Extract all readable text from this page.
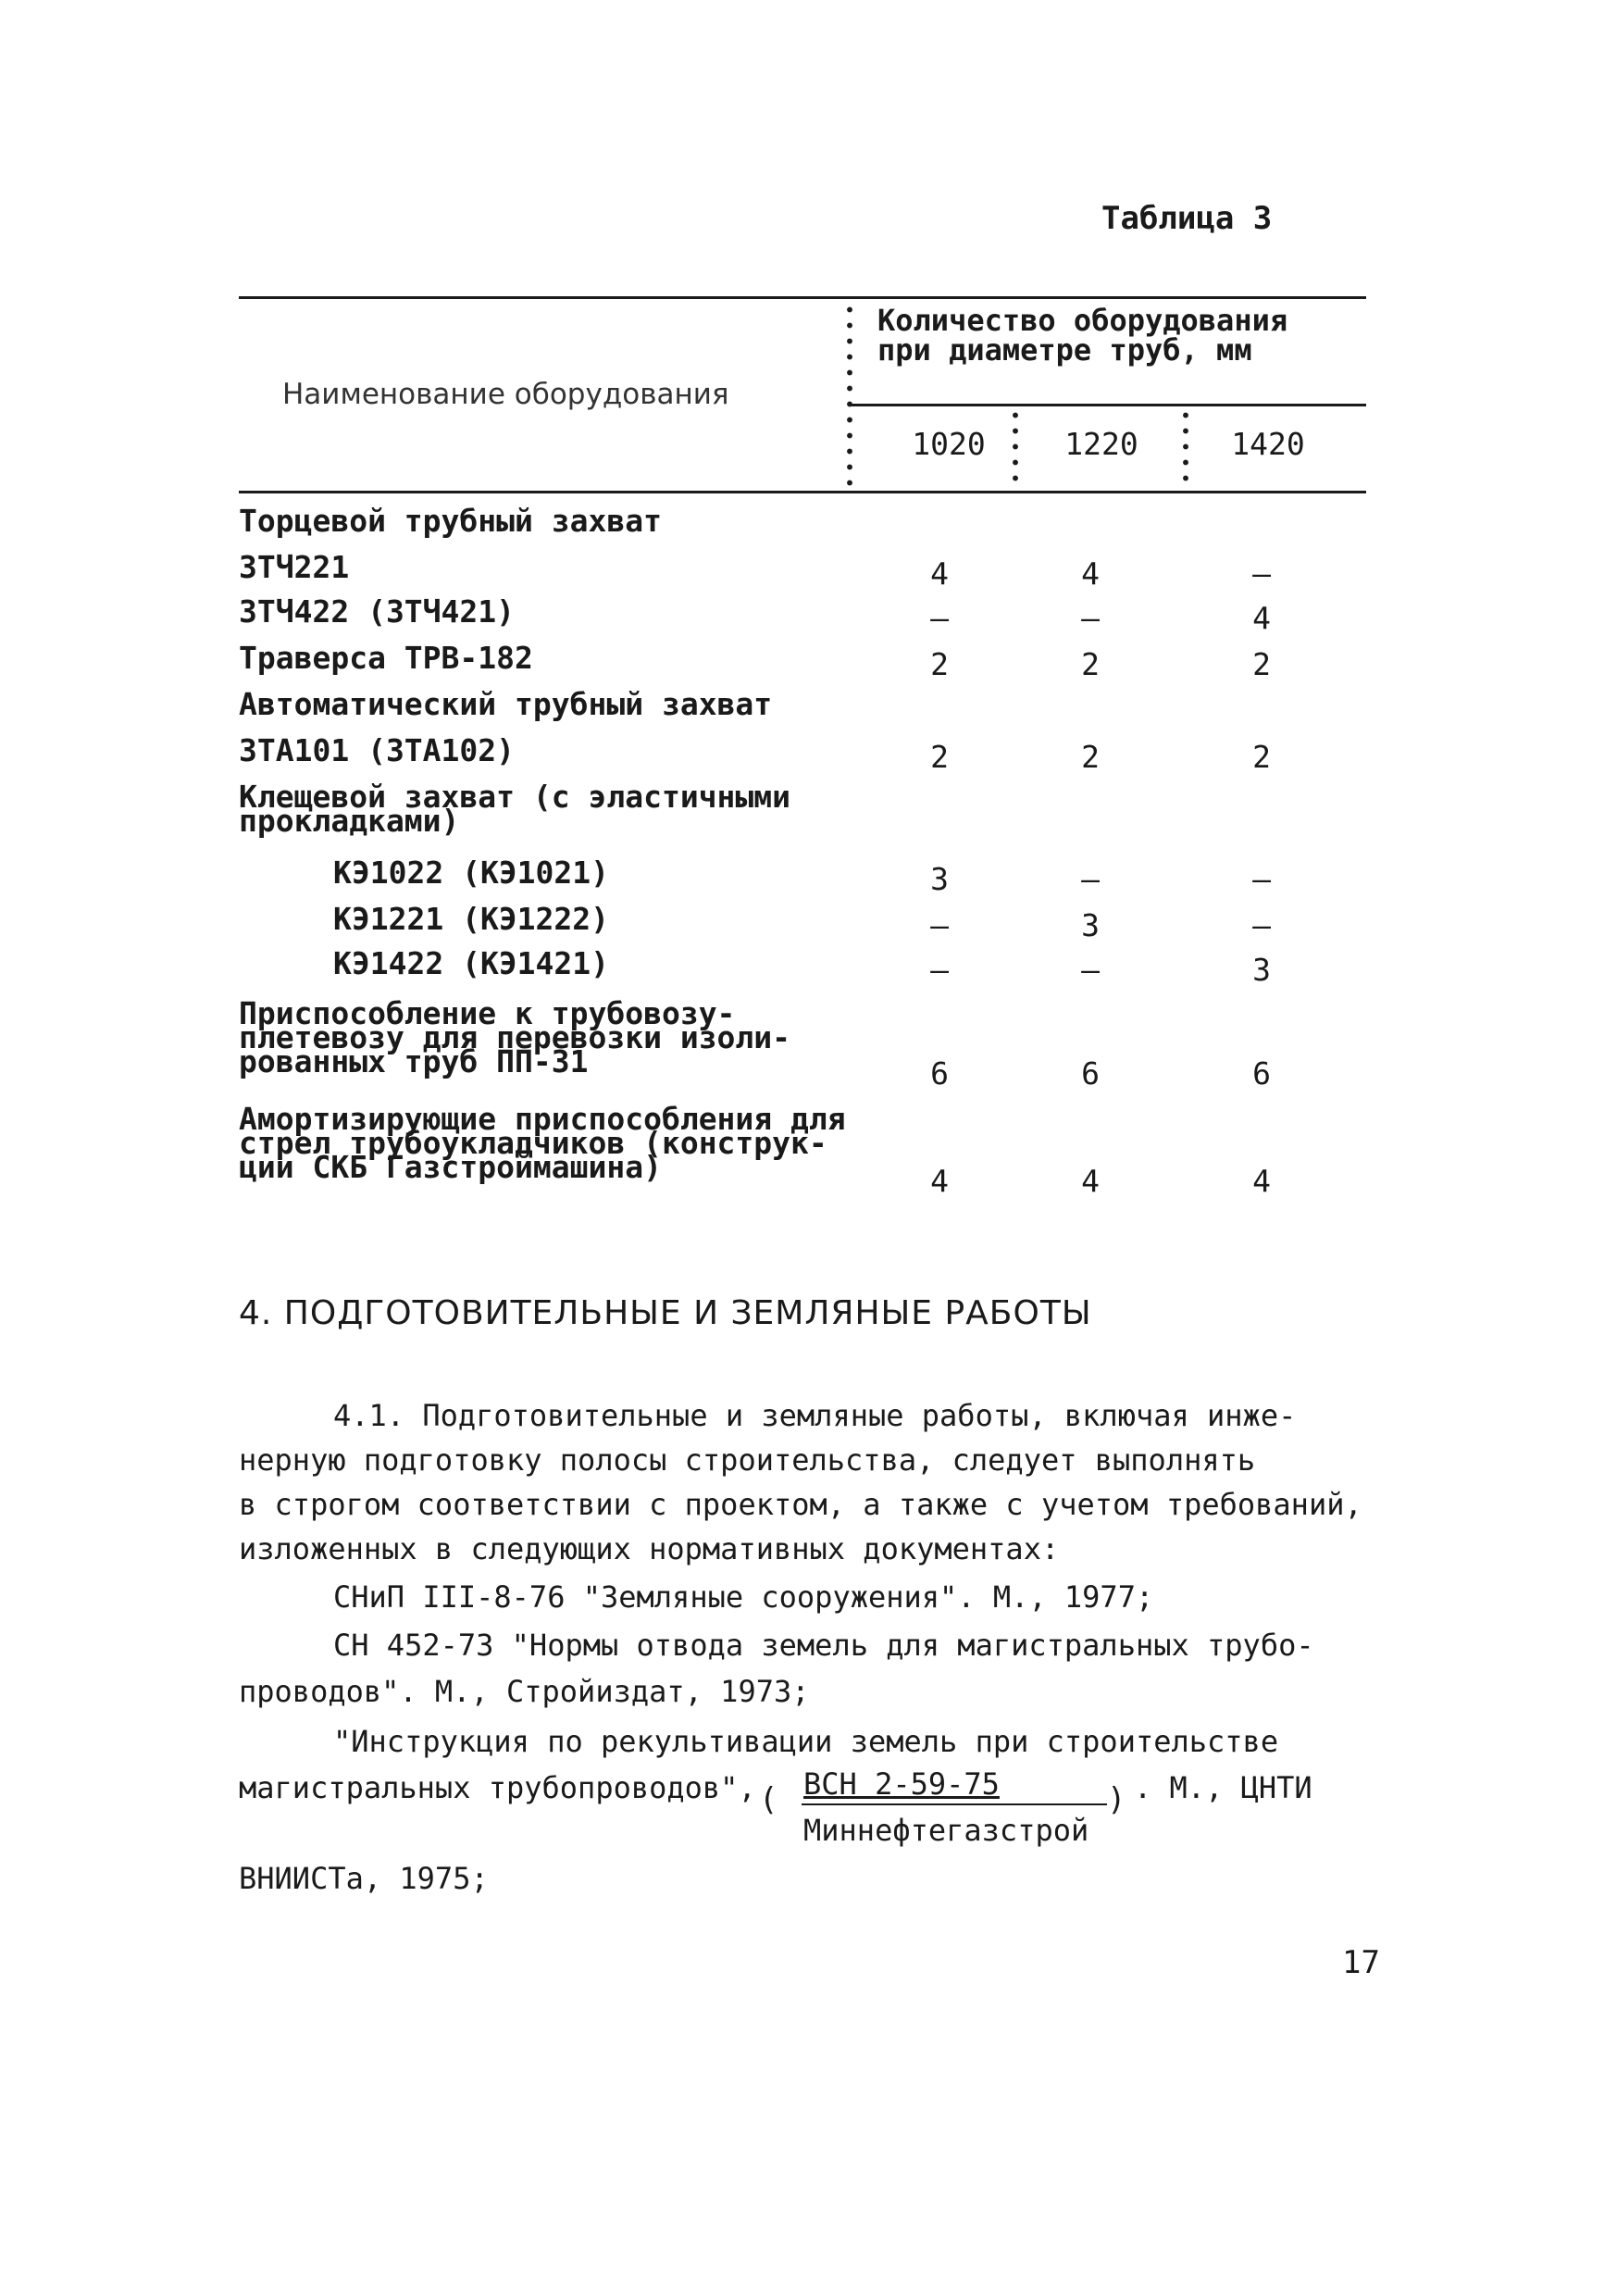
Таблица 3
Наименование оборудования
Количество оборудования
при диаметре труб, мм
1020	1220	1420
Торцевой трубный захват
3ТЧ221	4	4	–
3ТЧ422 (3ТЧ421)	–	–	4
Траверса ТРВ-182	2	2	2
Автоматический трубный захват
3ТА101 (3ТА102)	2	2	2
Клещевой захват (с эластичными
прокладками)
КЭ1022 (КЭ1021)	3	–	–
КЭ1221 (КЭ1222)	–	3	–
КЭ1422 (КЭ1421)	–	–	3
Приспособление к трубовозу-
плетевозу для перевозки изоли-
рованных труб ПП-31	6	6	6
Амортизирующие приспособления для
стрел трубоукладчиков (конструк-
ции СКБ Газстроймашина)	4	4	4
4. ПОДГОТОВИТЕЛЬНЫЕ И ЗЕМЛЯНЫЕ РАБОТЫ
4.1. Подготовительные и земляные работы, включая инже-
нерную подготовку полосы строительства, следует выполнять
в строгом соответствии с проектом, а также с учетом требований,
изложенных в следующих нормативных документах:
СНиП III-8-76 "Земляные сооружения". М., 1977;
СН 452-73 "Нормы отвода земель для магистральных трубо-
проводов". М., Стройиздат, 1973;
"Инструкция по рекультивации земель при строительстве
магистральных трубопроводов", ( ВСН 2-59-75
Миннефтегазстрой
) . М., ЦНТИ
ВНИИСТа, 1975;
17
